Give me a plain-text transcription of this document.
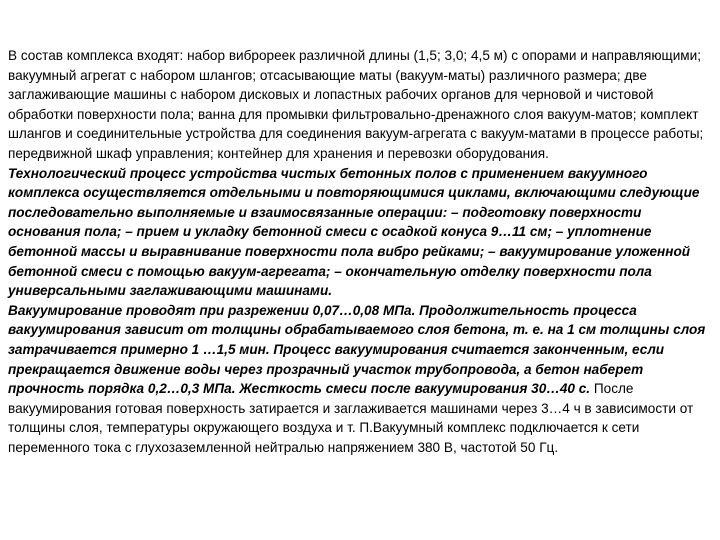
В состав комплекса входят: набор виброреек различной длины (1,5; 3,0; 4,5 м) с опорами и направляющими; вакуумный агрегат с набором шлангов; отсасывающие маты (вакуум-маты) различного размера; две заглаживающие машины с набором дисковых и лопастных рабочих органов для черновой и чистовой обработки поверхности пола; ванна для промывки фильтровально-дренажного слоя вакуум-матов; комплект шлангов и соединительные устройства для соединения вакуум-агрегата с вакуум-матами в процессе работы; передвижной шкаф управления; контейнер для хранения и перевозки оборудования.

Технологический процесс устройства чистых бетонных полов с применением вакуумного комплекса осуществляется отдельными и повторяющимися циклами, включающими следующие последовательно выполняемые и взаимосвязанные операции: – подготовку поверхности основания пола; – прием и укладку бетонной смеси с осадкой конуса 9…11 см; – уплотнение бетонной массы и выравнивание поверхности пола вибро рейками; – вакуумирование уложенной бетонной смеси с помощью вакуум-агрегата; – окончательную отделку поверхности пола универсальными заглаживающими машинами.

Вакуумирование проводят при разрежении 0,07…0,08 МПа. Продолжительность процесса вакуумирования зависит от толщины обрабатываемого слоя бетона, т. е. на 1 см толщины слоя затрачивается примерно 1 …1,5 мин. Процесс вакуумирования считается законченным, если прекращается движение воды через прозрачный участок трубопровода, а бетон наберет прочность порядка 0,2…0,3 МПа. Жесткость смеси после вакуумирования 30…40 с. После вакуумирования готовая поверхность затирается и заглаживается машинами через 3…4 ч в зависимости от толщины слоя, температуры окружающего воздуха и т. П.Вакуумный комплекс подключается к сети переменного тока с глухозаземленной нейтралью напряжением 380 В, частотой 50 Гц.
